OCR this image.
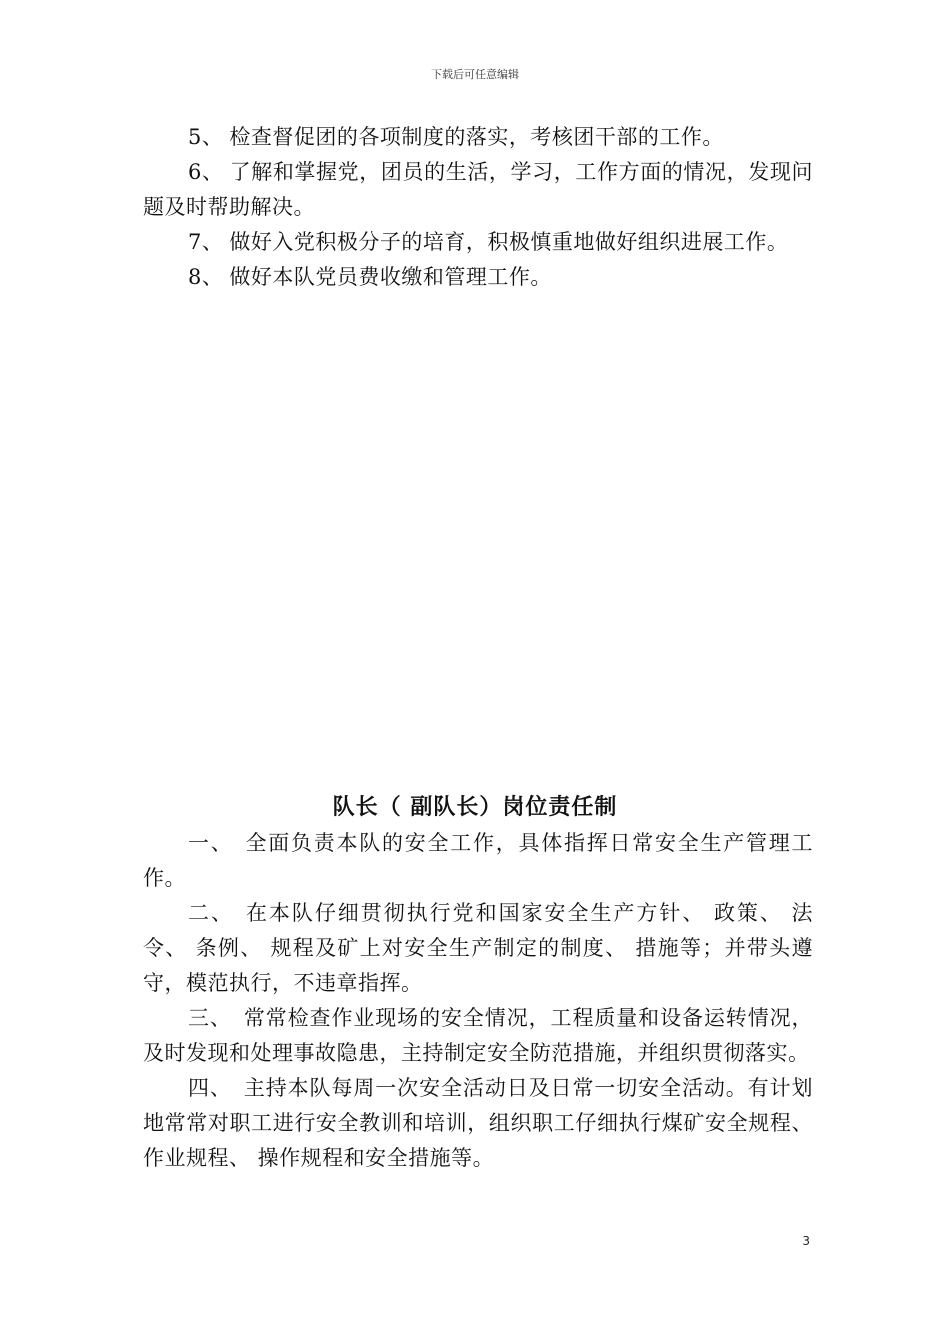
下载后可任意编辑

5、 检查督促团的各项制度的落实，考核团干部的工作。

6、 了解和掌握党，团员的生活，学习，工作方面的情况，发现问题及时帮助解决。

7、 做好入党积极分子的培育，积极慎重地做好组织进展工作。

8、 做好本队党员费收缴和管理工作。

队长（ 副队长）岗位责任制

一、 全面负责本队的安全工作，具体指挥日常安全生产管理工作。

二、 在本队仔细贯彻执行党和国家安全生产方针、 政策、 法令、 条例、 规程及矿上对安全生产制定的制度、 措施等；并带头遵守，模范执行，不违章指挥。

三、 常常检查作业现场的安全情况，工程质量和设备运转情况，及时发现和处理事故隐患，主持制定安全防范措施，并组织贯彻落实。

四、 主持本队每周一次安全活动日及日常一切安全活动。有计划地常常对职工进行安全教训和培训，组织职工仔细执行煤矿安全规程、 作业规程、 操作规程和安全措施等。

3
